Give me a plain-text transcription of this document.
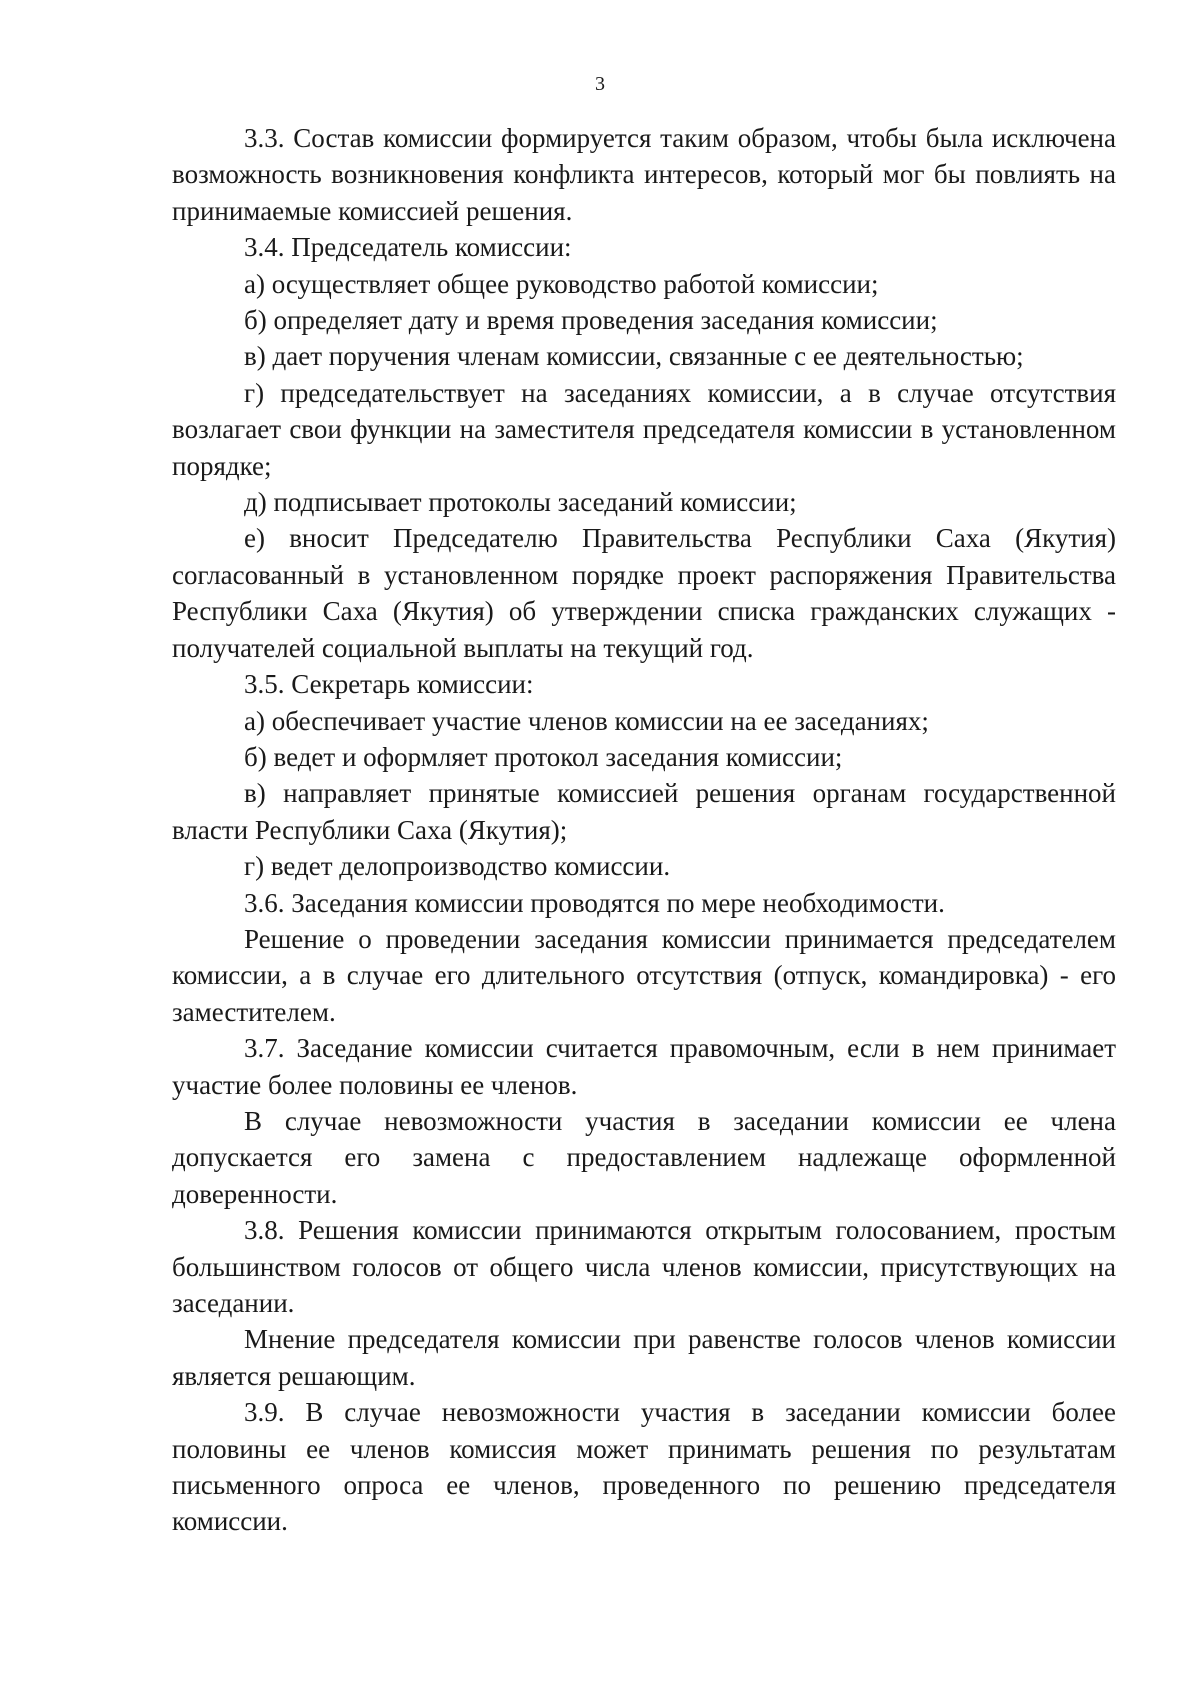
3

3.3. Состав комиссии формируется таким образом, чтобы была исключена возможность возникновения конфликта интересов, который мог бы повлиять на принимаемые комиссией решения.

3.4. Председатель комиссии:

а) осуществляет общее руководство работой комиссии;

б) определяет дату и время проведения заседания комиссии;

в) дает поручения членам комиссии, связанные с ее деятельностью;

г) председательствует на заседаниях комиссии, а в случае отсутствия возлагает свои функции на заместителя председателя комиссии в установленном порядке;

д) подписывает протоколы заседаний комиссии;

е) вносит Председателю Правительства Республики Саха (Якутия) согласованный в установленном порядке проект распоряжения Правительства Республики Саха (Якутия) об утверждении списка гражданских служащих - получателей социальной выплаты на текущий год.

3.5. Секретарь комиссии:

а) обеспечивает участие членов комиссии на ее заседаниях;

б) ведет и оформляет протокол заседания комиссии;

в) направляет принятые комиссией решения органам государственной власти Республики Саха (Якутия);

г) ведет делопроизводство комиссии.

3.6. Заседания комиссии проводятся по мере необходимости.

Решение о проведении заседания комиссии принимается председателем комиссии, а в случае его длительного отсутствия (отпуск, командировка) - его заместителем.

3.7. Заседание комиссии считается правомочным, если в нем принимает участие более половины ее членов.

В случае невозможности участия в заседании комиссии ее члена допускается его замена с предоставлением надлежаще оформленной доверенности.

3.8. Решения комиссии принимаются открытым голосованием, простым большинством голосов от общего числа членов комиссии, присутствующих на заседании.

Мнение председателя комиссии при равенстве голосов членов комиссии является решающим.

3.9. В случае невозможности участия в заседании комиссии более половины ее членов комиссия может принимать решения по результатам письменного опроса ее членов, проведенного по решению председателя комиссии.
